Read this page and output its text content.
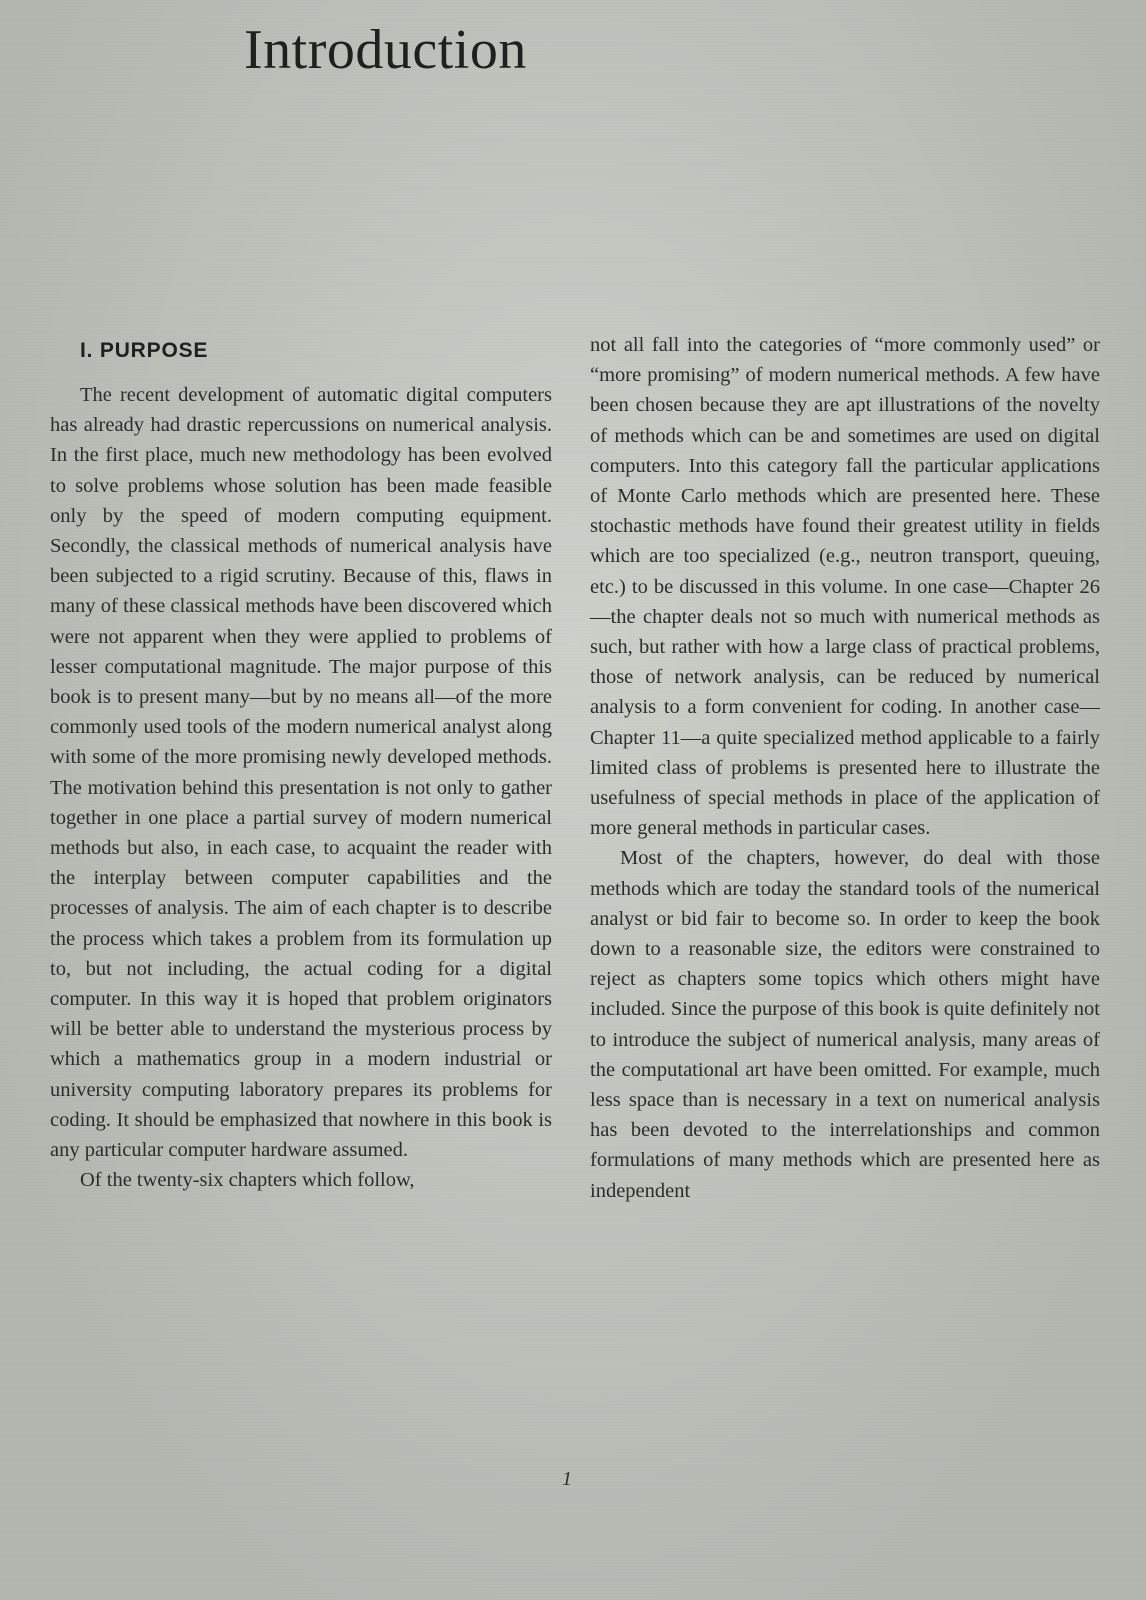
Introduction
I. PURPOSE

The recent development of automatic digital computers has already had drastic repercussions on numerical analysis. In the first place, much new methodology has been evolved to solve problems whose solution has been made feasible only by the speed of modern computing equipment. Secondly, the classical methods of numerical analysis have been subjected to a rigid scrutiny. Because of this, flaws in many of these classical methods have been discovered which were not apparent when they were applied to problems of lesser computational magnitude. The major purpose of this book is to present many—but by no means all—of the more commonly used tools of the modern numerical analyst along with some of the more promising newly developed methods. The motivation behind this presentation is not only to gather together in one place a partial survey of modern numerical methods but also, in each case, to acquaint the reader with the interplay between computer capabilities and the processes of analysis. The aim of each chapter is to describe the process which takes a problem from its formulation up to, but not including, the actual coding for a digital computer. In this way it is hoped that problem originators will be better able to understand the mysterious process by which a mathematics group in a modern industrial or university computing laboratory prepares its problems for coding. It should be emphasized that nowhere in this book is any particular computer hardware assumed.

Of the twenty-six chapters which follow,

not all fall into the categories of “more commonly used” or “more promising” of modern numerical methods. A few have been chosen because they are apt illustrations of the novelty of methods which can be and sometimes are used on digital computers. Into this category fall the particular applications of Monte Carlo methods which are presented here. These stochastic methods have found their greatest utility in fields which are too specialized (e.g., neutron transport, queuing, etc.) to be discussed in this volume. In one case—Chapter 26—the chapter deals not so much with numerical methods as such, but rather with how a large class of practical problems, those of network analysis, can be reduced by numerical analysis to a form convenient for coding. In another case—Chapter 11—a quite specialized method applicable to a fairly limited class of problems is presented here to illustrate the usefulness of special methods in place of the application of more general methods in particular cases.

Most of the chapters, however, do deal with those methods which are today the standard tools of the numerical analyst or bid fair to become so. In order to keep the book down to a reasonable size, the editors were constrained to reject as chapters some topics which others might have included. Since the purpose of this book is quite definitely not to introduce the subject of numerical analysis, many areas of the computational art have been omitted. For example, much less space than is necessary in a text on numerical analysis has been devoted to the interrelationships and common formulations of many methods which are presented here as independent

1
